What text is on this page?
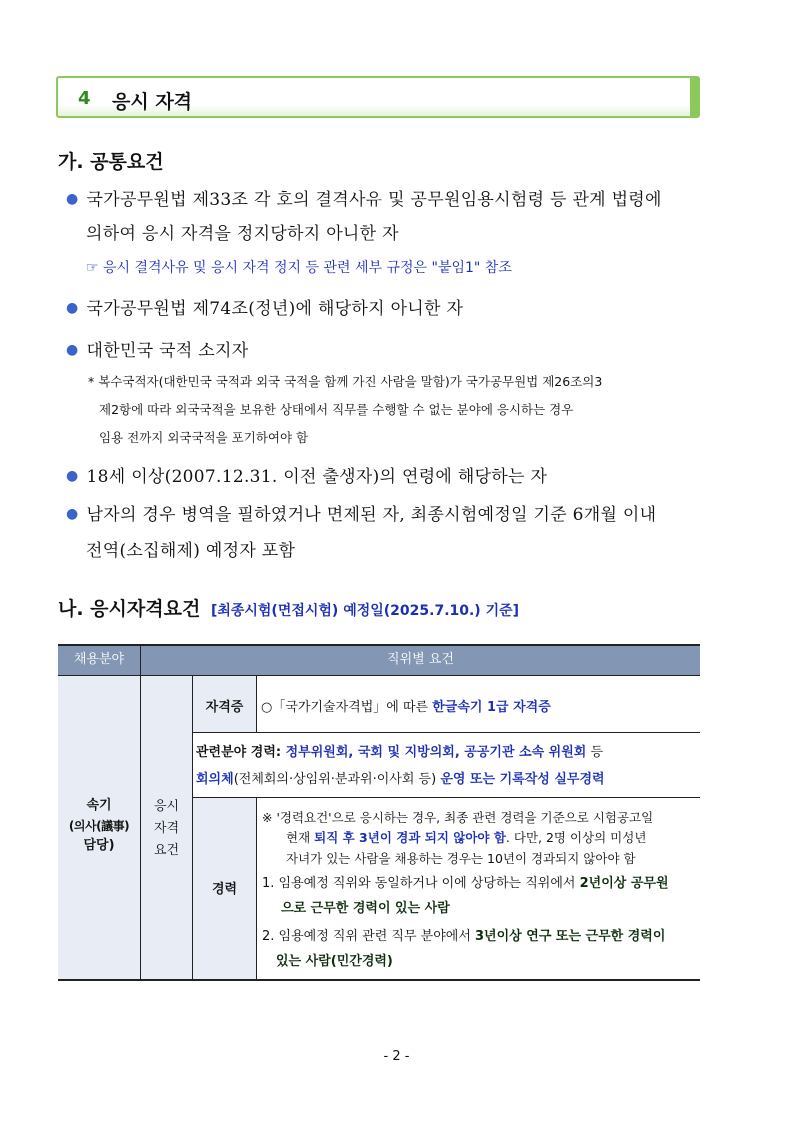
4 응시 자격
가. 공통요건
● 국가공무원법 제33조 각 호의 결격사유 및 공무원임용시험령 등 관계 법령에
의하여 응시 자격을 정지당하지 아니한 자
☞ 응시 결격사유 및 응시 자격 정지 등 관련 세부 규정은 "붙임1" 참조
● 국가공무원법 제74조(정년)에 해당하지 아니한 자
● 대한민국 국적 소지자
* 복수국적자(대한민국 국적과 외국 국적을 함께 가진 사람을 말함)가 국가공무원법 제26조의3
제2항에 따라 외국국적을 보유한 상태에서 직무를 수행할 수 없는 분야에 응시하는 경우
임용 전까지 외국국적을 포기하여야 함
● 18세 이상(2007.12.31. 이전 출생자)의 연령에 해당하는 자
● 남자의 경우 병역을 필하였거나 면제된 자, 최종시험예정일 기준 6개월 이내
전역(소집해제) 예정자 포함
나. 응시자격요건 [최종시험(면접시험) 예정일(2025.7.10.) 기준]
채용분야	직위별 요건
속기
(의사(議事)
담당)
응시
자격
요건
자격증	○「국가기술자격법」에 따른 한글속기 1급 자격증
관련분야 경력: 정부위원회, 국회 및 지방의회, 공공기관 소속 위원회 등
회의체(전체회의·상임위·분과위·이사회 등) 운영 또는 기록작성 실무경력
경력
※ '경력요건'으로 응시하는 경우, 최종 관련 경력을 기준으로 시험공고일
현재 퇴직 후 3년이 경과 되지 않아야 함. 다만, 2명 이상의 미성년
자녀가 있는 사람을 채용하는 경우는 10년이 경과되지 않아야 함
1. 임용예정 직위와 동일하거나 이에 상당하는 직위에서 2년이상 공무원
으로 근무한 경력이 있는 사람
2. 임용예정 직위 관련 직무 분야에서 3년이상 연구 또는 근무한 경력이
있는 사람(민간경력)
- 2 -
